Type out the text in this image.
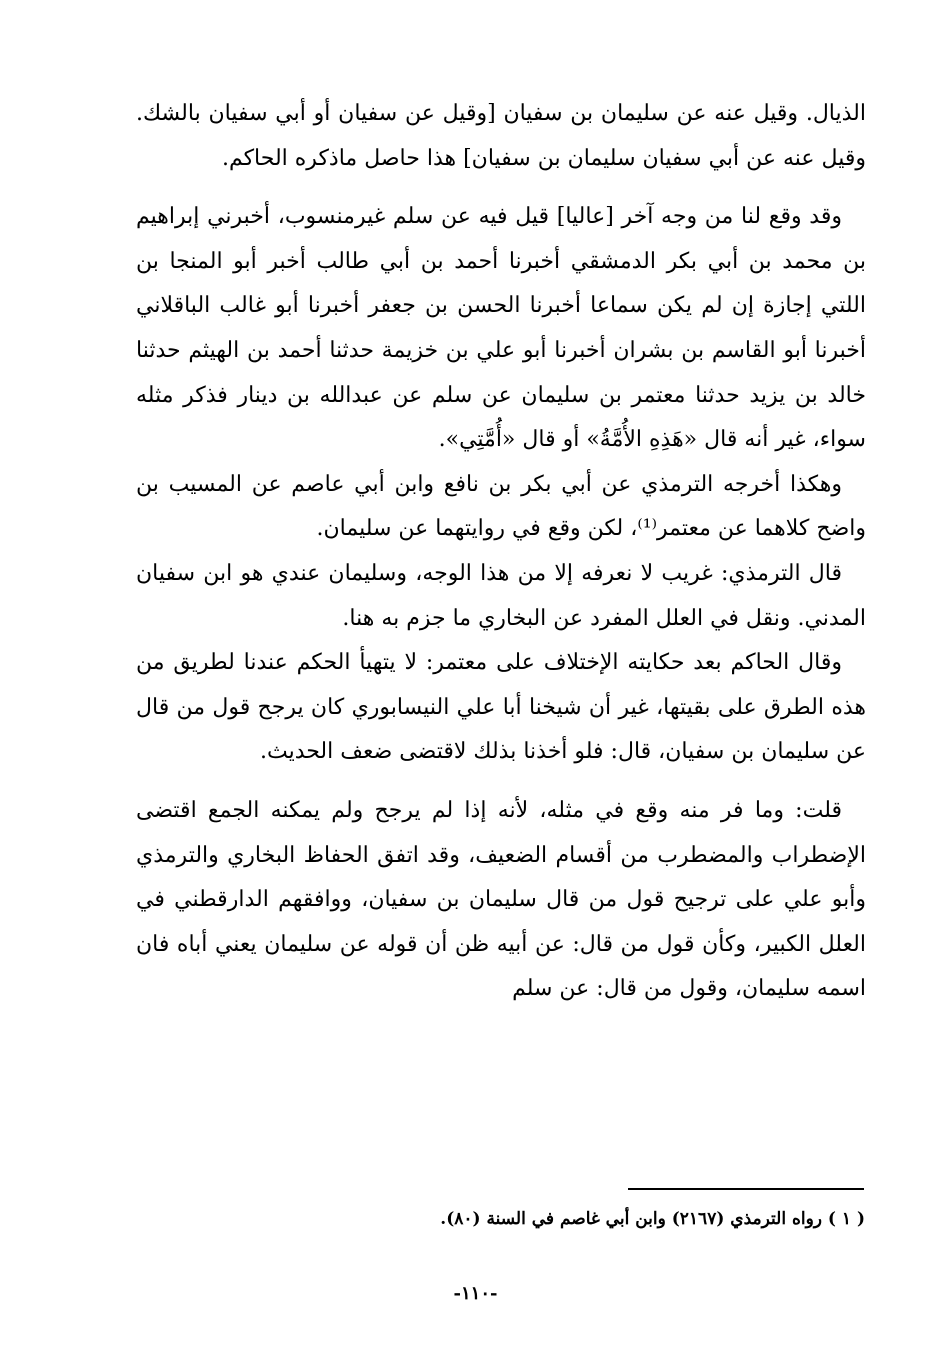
الذيال. وقيل عنه عن سليمان بن سفيان [وقيل عن سفيان أو أبي سفيان بالشك. وقيل عنه عن أبي سفيان سليمان بن سفيان] هذا حاصل ماذكره الحاكم.

وقد وقع لنا من وجه آخر [عاليا] قيل فيه عن سلم غيرمنسوب، أخبرني إبراهيم بن محمد بن أبي بكر الدمشقي أخبرنا أحمد بن أبي طالب أخبر أبو المنجا بن اللتي إجازة إن لم يكن سماعا أخبرنا الحسن بن جعفر أخبرنا أبو غالب الباقلاني أخبرنا أبو القاسم بن بشران أخبرنا أبو علي بن خزيمة حدثنا أحمد بن الهيثم حدثنا خالد بن يزيد حدثنا معتمر بن سليمان عن سلم عن عبدالله بن دينار فذكر مثله سواء، غير أنه قال «هَذِهِ الأُمَّةُ» أو قال «أُمَّتِي».

وهكذا أخرجه الترمذي عن أبي بكر بن نافع وابن أبي عاصم عن المسيب بن واضح كلاهما عن معتمر⁽¹⁾، لكن وقع في روايتهما عن سليمان.

قال الترمذي: غريب لا نعرفه إلا من هذا الوجه، وسليمان عندي هو ابن سفيان المدني. ونقل في العلل المفرد عن البخاري ما جزم به هنا.

وقال الحاكم بعد حكايته الإختلاف على معتمر: لا يتهيأ الحكم عندنا لطريق من هذه الطرق على بقيتها، غير أن شيخنا أبا علي النيسابوري كان يرجح قول من قال عن سليمان بن سفيان، قال: فلو أخذنا بذلك لاقتضى ضعف الحديث.

قلت: وما فر منه وقع في مثله، لأنه إذا لم يرجح ولم يمكنه الجمع اقتضى الإضطراب والمضطرب من أقسام الضعيف، وقد اتفق الحفاظ البخاري والترمذي وأبو علي على ترجيح قول من قال سليمان بن سفيان، ووافقهم الدارقطني في العلل الكبير، وكأن قول من قال: عن أبيه ظن أن قوله عن سليمان يعني أباه فان اسمه سليمان، وقول من قال: عن سلم

( ١ ) رواه الترمذي (٢١٦٧) وابن أبي غاصم في السنة (٨٠).
-١١٠-
